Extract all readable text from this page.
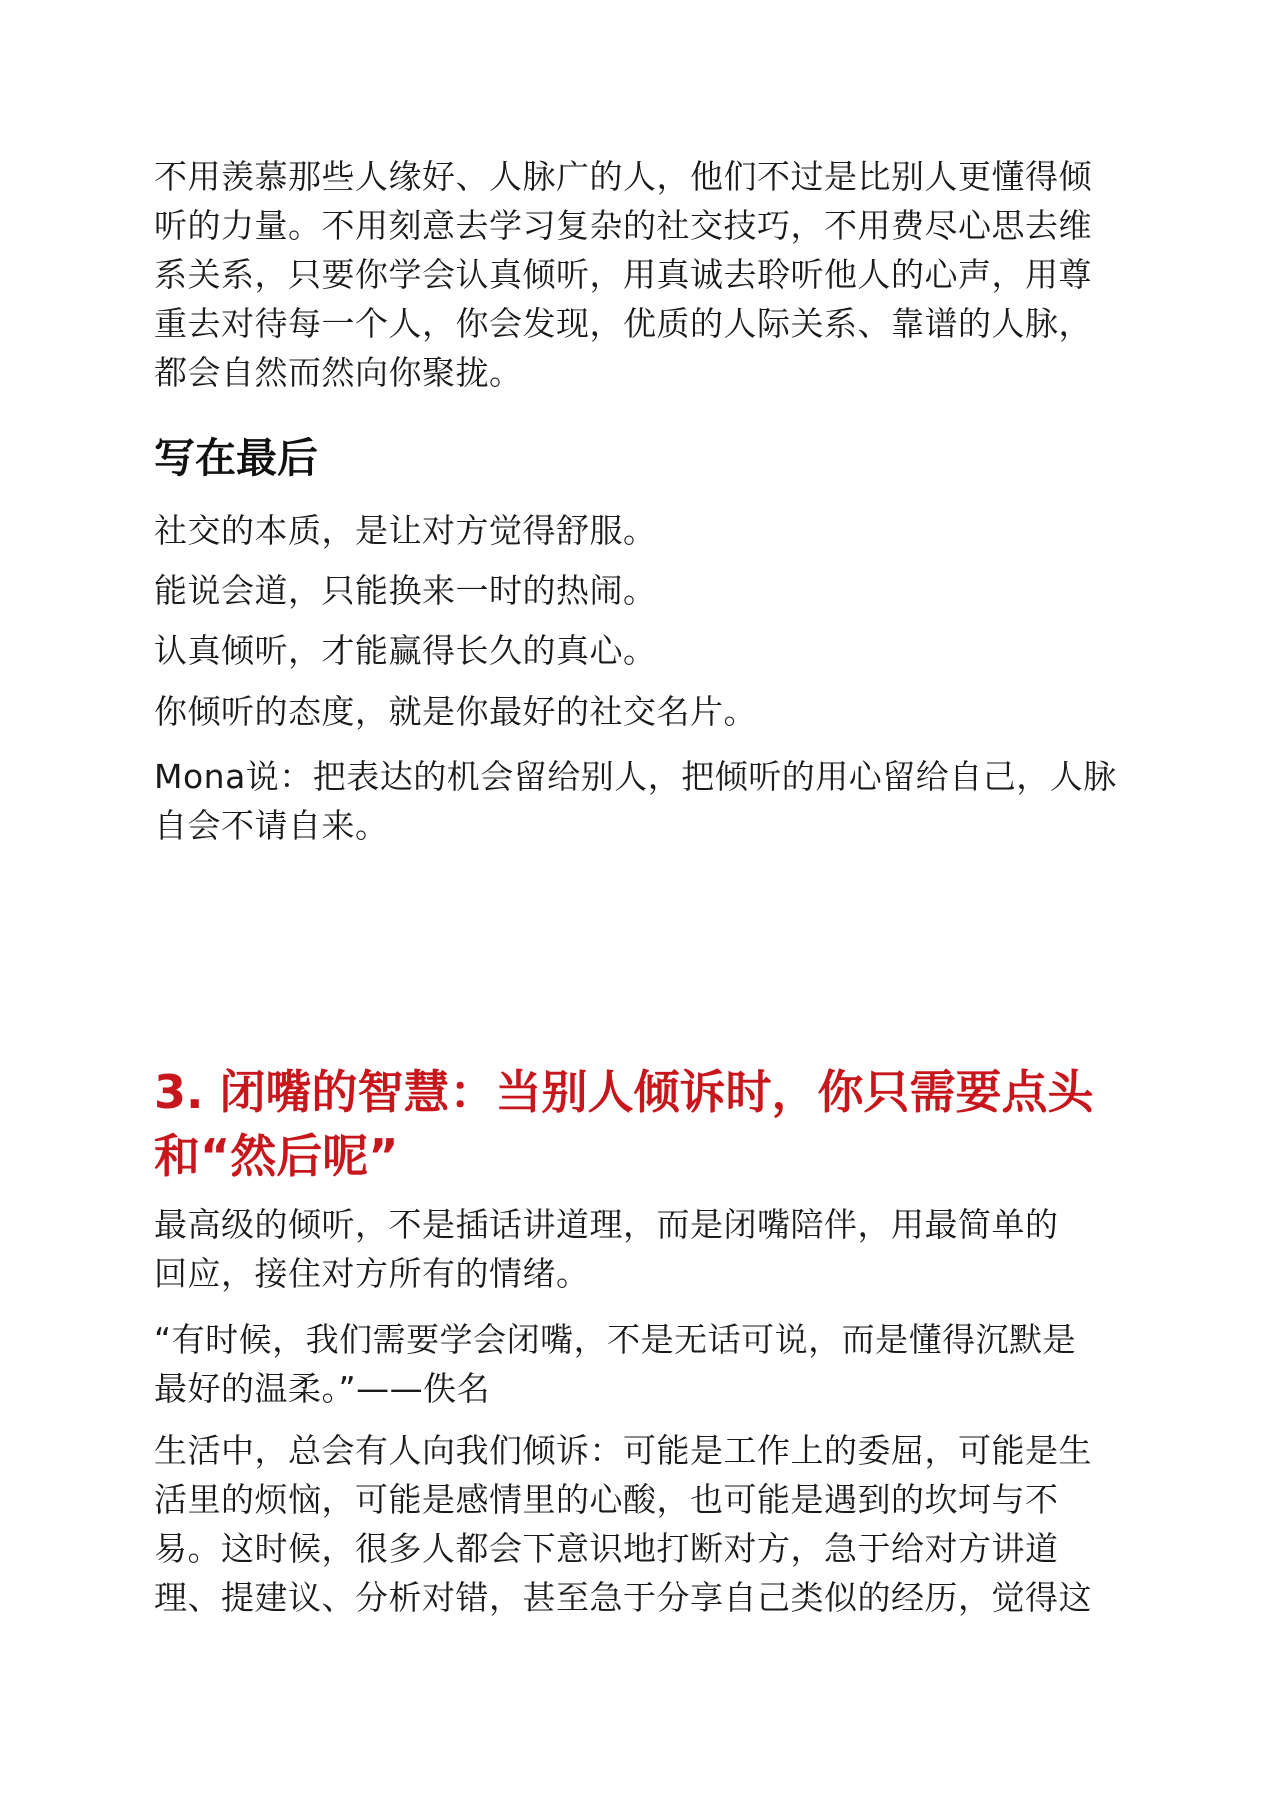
不用羡慕那些人缘好、人脉广的人，他们不过是比别人更懂得倾
听的力量。不用刻意去学习复杂的社交技巧，不用费尽心思去维
系关系，只要你学会认真倾听，用真诚去聆听他人的心声，用尊
重去对待每一个人，你会发现，优质的人际关系、靠谱的人脉，
都会自然而然向你聚拢。

写在最后

社交的本质，是让对方觉得舒服。

能说会道，只能换来一时的热闹。

认真倾听，才能赢得长久的真心。

你倾听的态度，就是你最好的社交名片。

Mona说：把表达的机会留给别人，把倾听的用心留给自己，人脉
自会不请自来。

3. 闭嘴的智慧：当别人倾诉时，你只需要点头
和“然后呢”

最高级的倾听，不是插话讲道理，而是闭嘴陪伴，用最简单的
回应，接住对方所有的情绪。

“有时候，我们需要学会闭嘴，不是无话可说，而是懂得沉默是
最好的温柔。”——佚名

生活中，总会有人向我们倾诉：可能是工作上的委屈，可能是生
活里的烦恼，可能是感情里的心酸，也可能是遇到的坎坷与不
易。这时候，很多人都会下意识地打断对方，急于给对方讲道
理、提建议、分析对错，甚至急于分享自己类似的经历，觉得这
